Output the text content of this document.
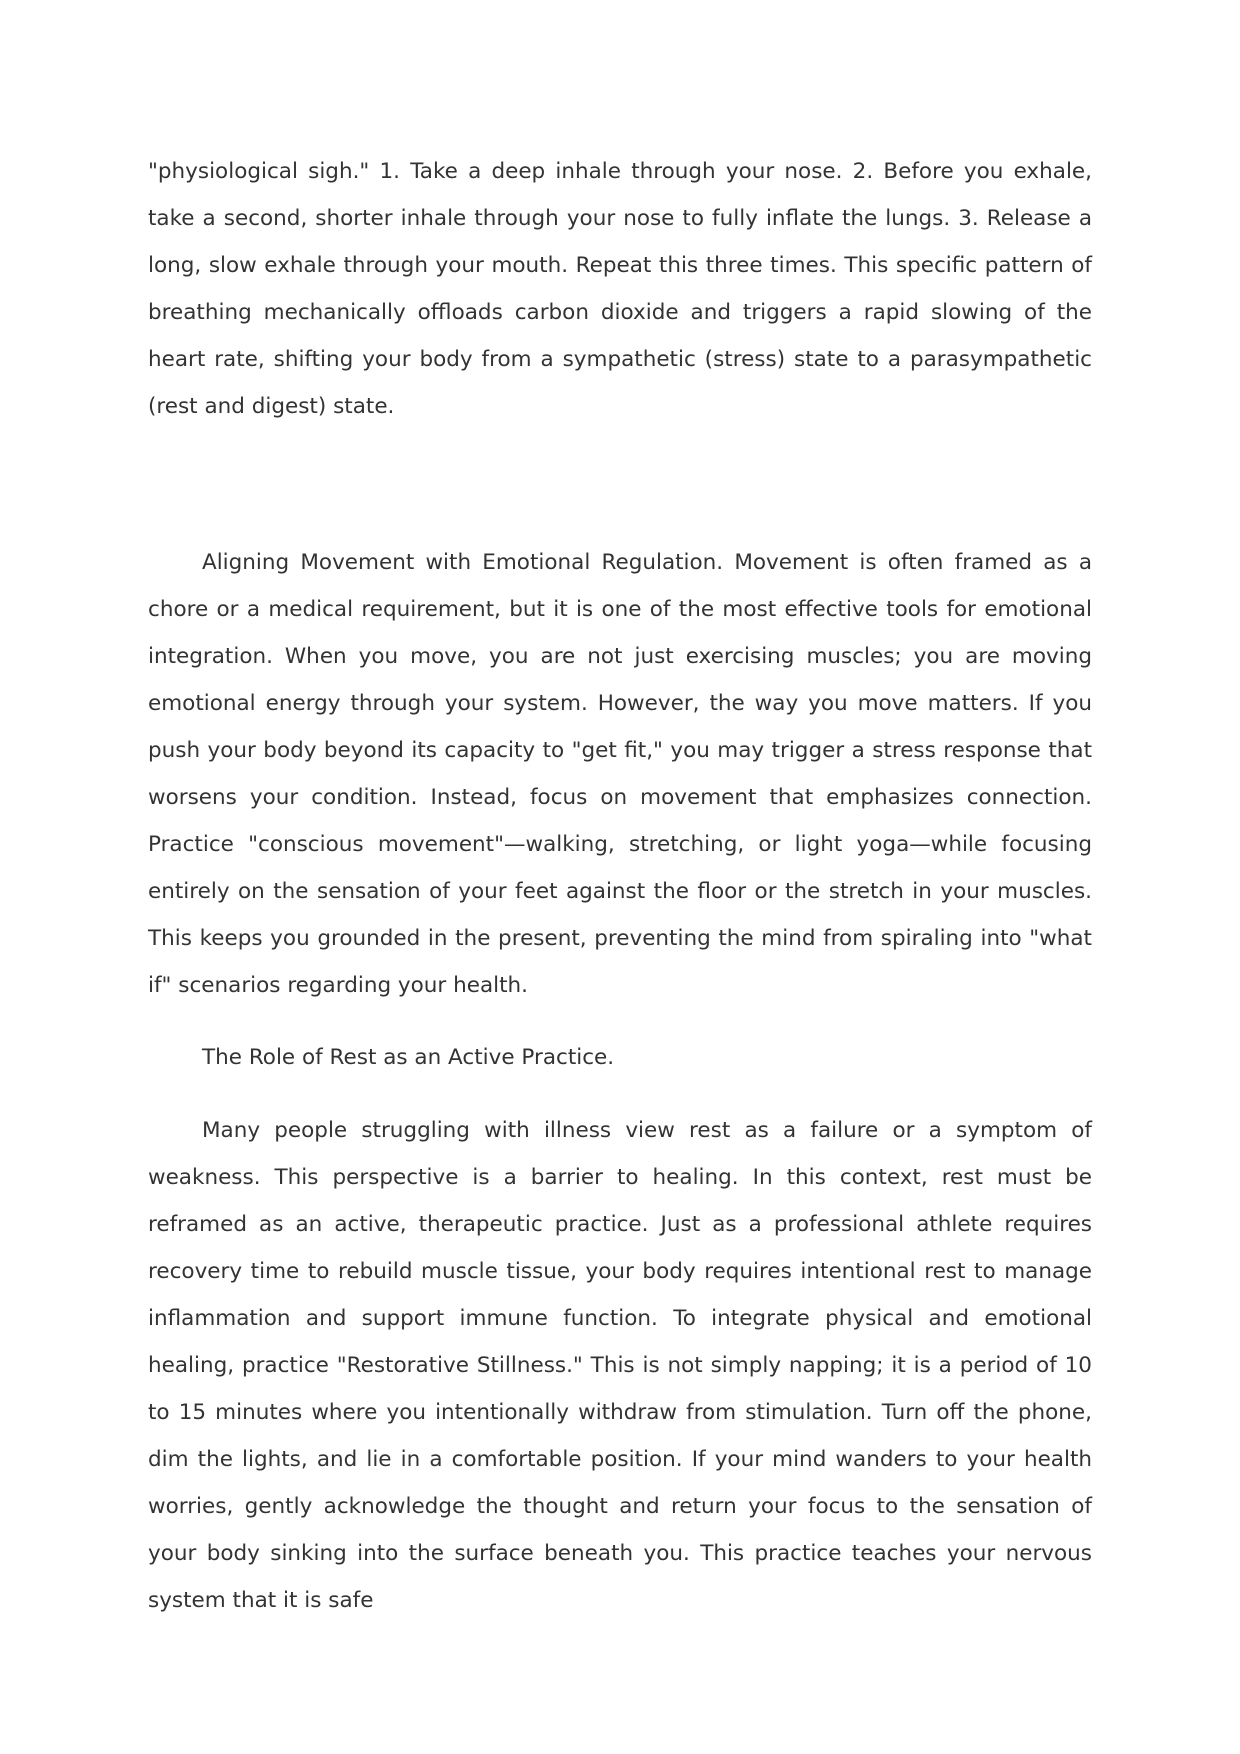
"physiological sigh." 1. Take a deep inhale through your nose. 2. Before you exhale, take a second, shorter inhale through your nose to fully inflate the lungs. 3. Release a long, slow exhale through your mouth. Repeat this three times. This specific pattern of breathing mechanically offloads carbon dioxide and triggers a rapid slowing of the heart rate, shifting your body from a sympathetic (stress) state to a parasympathetic (rest and digest) state.

Aligning Movement with Emotional Regulation. Movement is often framed as a chore or a medical requirement, but it is one of the most effective tools for emotional integration. When you move, you are not just exercising muscles; you are moving emotional energy through your system. However, the way you move matters. If you push your body beyond its capacity to "get fit," you may trigger a stress response that worsens your condition. Instead, focus on movement that emphasizes connection. Practice "conscious movement"—walking, stretching, or light yoga—while focusing entirely on the sensation of your feet against the floor or the stretch in your muscles. This keeps you grounded in the present, preventing the mind from spiraling into "what if" scenarios regarding your health.

The Role of Rest as an Active Practice.

Many people struggling with illness view rest as a failure or a symptom of weakness. This perspective is a barrier to healing. In this context, rest must be reframed as an active, therapeutic practice. Just as a professional athlete requires recovery time to rebuild muscle tissue, your body requires intentional rest to manage inflammation and support immune function. To integrate physical and emotional healing, practice "Restorative Stillness." This is not simply napping; it is a period of 10 to 15 minutes where you intentionally withdraw from stimulation. Turn off the phone, dim the lights, and lie in a comfortable position. If your mind wanders to your health worries, gently acknowledge the thought and return your focus to the sensation of your body sinking into the surface beneath you. This practice teaches your nervous system that it is safe
